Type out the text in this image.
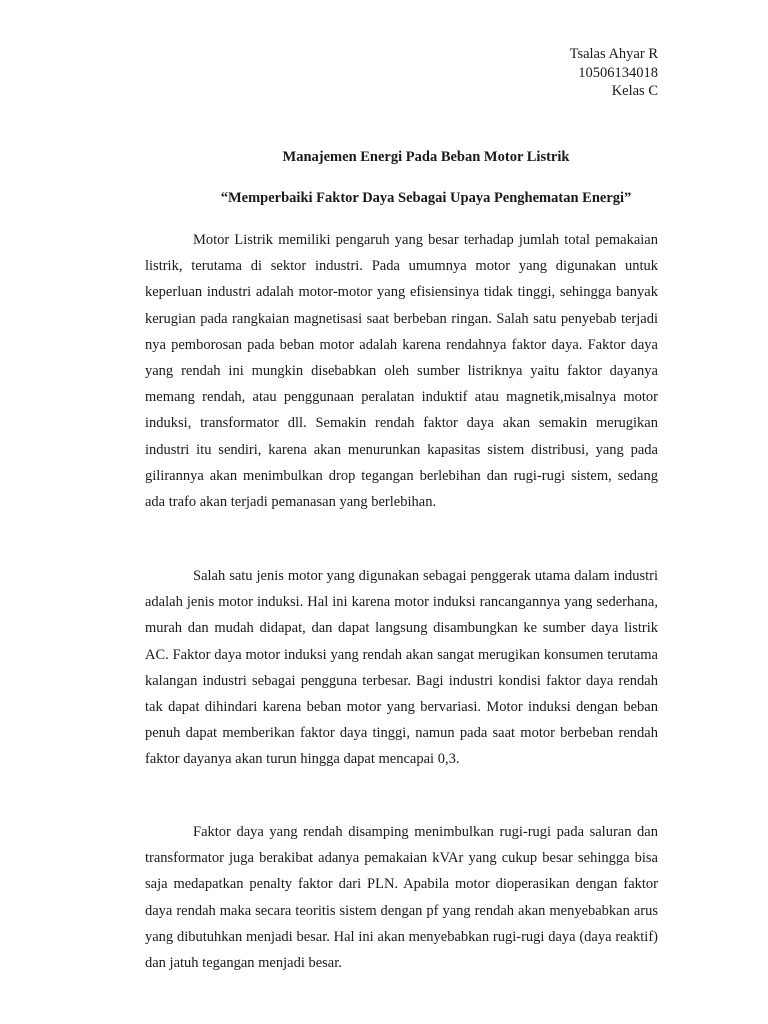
Tsalas Ahyar R
10506134018
Kelas C
Manajemen Energi Pada Beban Motor Listrik
“Memperbaiki Faktor Daya Sebagai Upaya Penghematan Energi”

Motor Listrik memiliki pengaruh yang besar terhadap jumlah total pemakaian listrik, terutama di sektor industri. Pada umumnya motor yang digunakan untuk keperluan industri adalah motor-motor yang efisiensinya tidak tinggi, sehingga banyak kerugian pada rangkaian magnetisasi saat berbeban ringan. Salah satu penyebab terjadi nya pemborosan pada beban motor adalah karena rendahnya faktor daya. Faktor daya yang rendah ini mungkin disebabkan oleh sumber listriknya yaitu faktor dayanya memang rendah, atau penggunaan peralatan induktif atau magnetik,misalnya motor induksi, transformator dll. Semakin rendah faktor daya akan semakin merugikan industri itu sendiri, karena akan menurunkan kapasitas sistem distribusi, yang pada gilirannya akan menimbulkan drop tegangan berlebihan dan rugi-rugi sistem, sedang ada trafo akan terjadi pemanasan yang berlebihan.

Salah satu jenis motor yang digunakan sebagai penggerak utama dalam industri adalah jenis motor induksi. Hal ini karena motor induksi rancangannya yang sederhana, murah dan mudah didapat, dan dapat langsung disambungkan ke sumber daya listrik AC. Faktor daya motor induksi yang rendah akan sangat merugikan konsumen terutama kalangan industri sebagai pengguna terbesar. Bagi industri kondisi faktor daya rendah tak dapat dihindari karena beban motor yang bervariasi. Motor induksi dengan beban penuh dapat memberikan faktor daya tinggi, namun pada saat motor berbeban rendah faktor dayanya akan turun hingga dapat mencapai 0,3.

Faktor daya yang rendah disamping menimbulkan rugi-rugi pada saluran dan transformator juga berakibat adanya pemakaian kVAr yang cukup besar sehingga bisa saja medapatkan penalty faktor dari PLN. Apabila motor dioperasikan dengan faktor daya rendah maka secara teoritis sistem dengan pf yang rendah akan menyebabkan arus yang dibutuhkan menjadi besar. Hal ini akan menyebabkan rugi-rugi daya (daya reaktif) dan jatuh tegangan menjadi besar.
